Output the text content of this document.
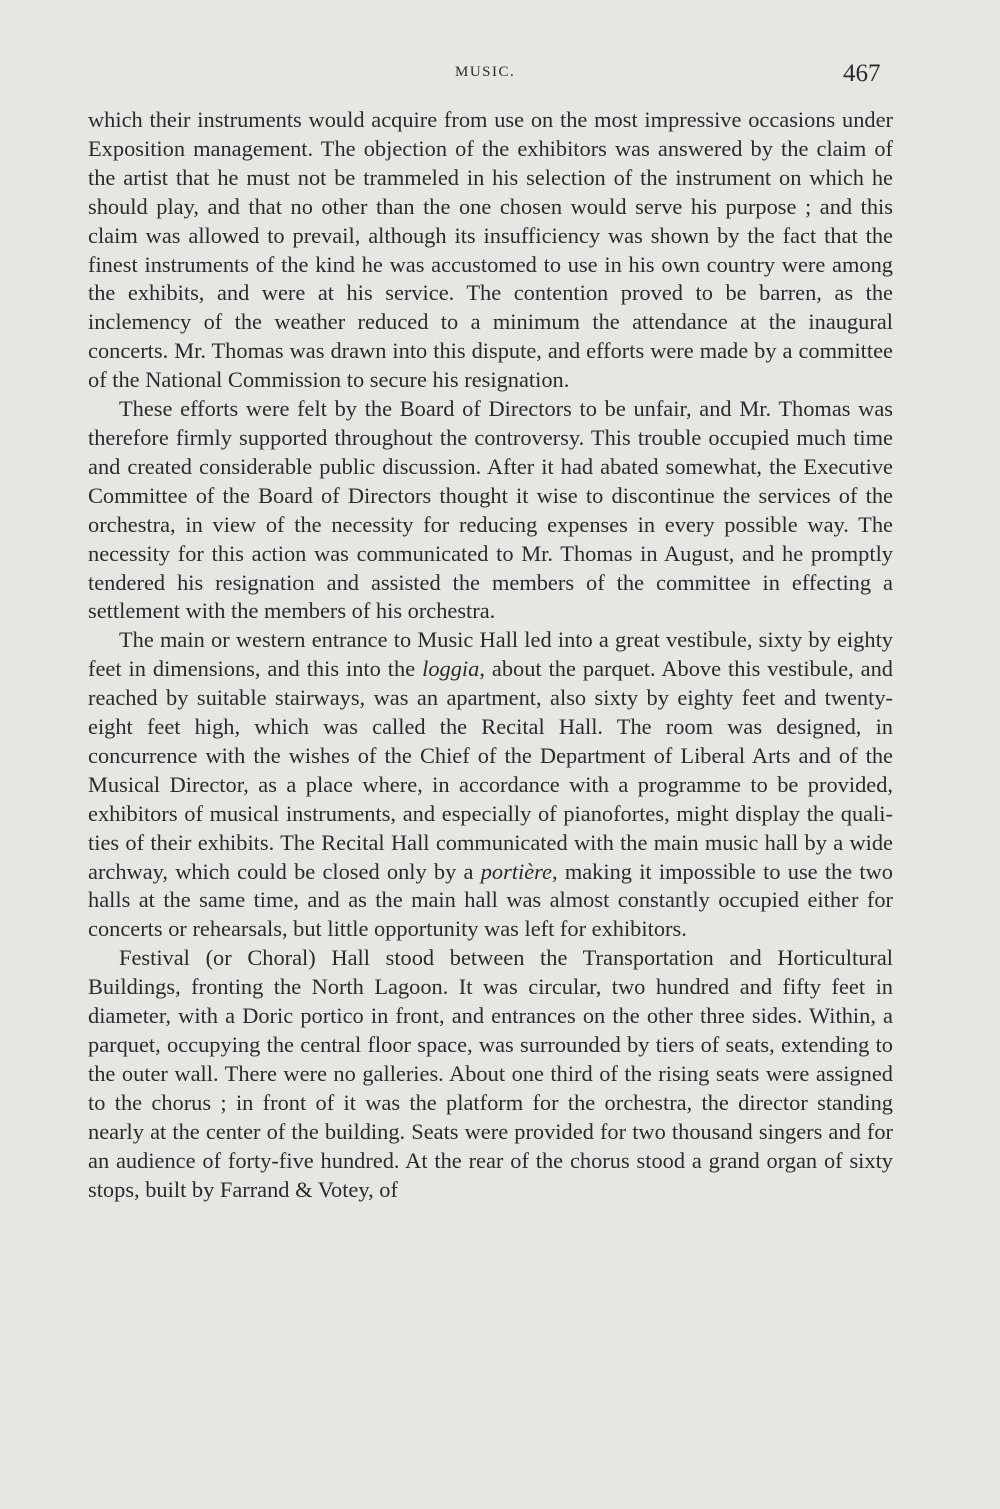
MUSIC.	467

which their instruments would acquire from use on the most impressive occasions under Exposition management. The objection of the exhibitors was answered by the claim of the artist that he must not be trammeled in his selection of the instrument on which he should play, and that no other than the one chosen would serve his purpose ; and this claim was allowed to prevail, although its insufficiency was shown by the fact that the finest instruments of the kind he was accustomed to use in his own country were among the exhibits, and were at his service. The contention proved to be barren, as the inclemency of the weather reduced to a minimum the attendance at the inaugural concerts. Mr. Thomas was drawn into this dispute, and efforts were made by a committee of the National Commission to secure his resignation.

These efforts were felt by the Board of Directors to be unfair, and Mr. Thomas was therefore firmly supported throughout the controversy. This trouble occupied much time and created considerable public discussion. After it had abated somewhat, the Executive Committee of the Board of Directors thought it wise to discontinue the services of the orchestra, in view of the necessity for reducing expenses in every possible way. The necessity for this action was communicated to Mr. Thomas in August, and he promptly tendered his resignation and assisted the members of the committee in effecting a settlement with the members of his orchestra.

The main or western entrance to Music Hall led into a great vestibule, sixty by eighty feet in dimensions, and this into the loggia, about the parquet. Above this vestibule, and reached by suitable stairways, was an apartment, also sixty by eighty feet and twenty-eight feet high, which was called the Recital Hall. The room was designed, in concurrence with the wishes of the Chief of the Department of Liberal Arts and of the Musical Director, as a place where, in accordance with a programme to be provided, exhibitors of musical instruments, and especially of pianofortes, might display the qualities of their exhibits. The Recital Hall communicated with the main music hall by a wide archway, which could be closed only by a portière, making it impossible to use the two halls at the same time, and as the main hall was almost constantly occupied either for concerts or rehearsals, but little opportunity was left for exhibitors.

Festival (or Choral) Hall stood between the Transportation and Horticultural Buildings, fronting the North Lagoon. It was circular, two hundred and fifty feet in diameter, with a Doric portico in front, and entrances on the other three sides. Within, a parquet, occupying the central floor space, was surrounded by tiers of seats, extending to the outer wall. There were no galleries. About one third of the rising seats were assigned to the chorus ; in front of it was the platform for the orchestra, the director standing nearly at the center of the building. Seats were provided for two thousand singers and for an audience of forty-five hundred. At the rear of the chorus stood a grand organ of sixty stops, built by Farrand & Votey, of
